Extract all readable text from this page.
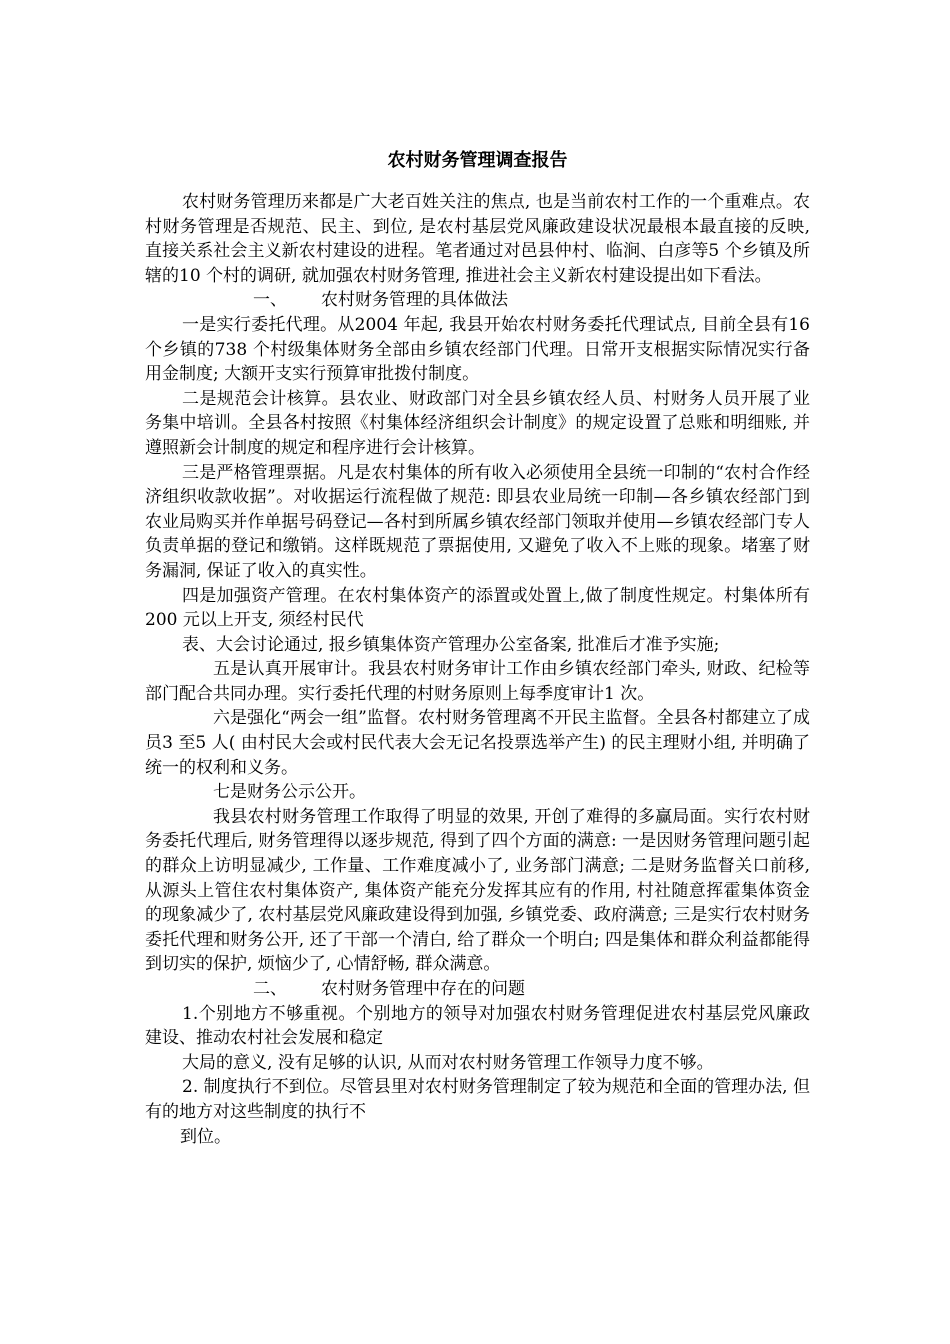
农村财务管理调查报告

农村财务管理历来都是广大老百姓关注的焦点, 也是当前农村工作的一个重难点。农村财务管理是否规范、民主、到位, 是农村基层党风廉政建设状况最根本最直接的反映, 直接关系社会主义新农村建设的进程。笔者通过对邑县仲村、临涧、白彦等5 个乡镇及所辖的10 个村的调研, 就加强农村财务管理, 推进社会主义新农村建设提出如下看法。

一、 农村财务管理的具体做法

一是实行委托代理。从2004 年起, 我县开始农村财务委托代理试点, 目前全县有16 个乡镇的738 个村级集体财务全部由乡镇农经部门代理。日常开支根据实际情况实行备用金制度; 大额开支实行预算审批拨付制度。

二是规范会计核算。县农业、财政部门对全县乡镇农经人员、村财务人员开展了业务集中培训。全县各村按照《村集体经济组织会计制度》的规定设置了总账和明细账, 并遵照新会计制度的规定和程序进行会计核算。

三是严格管理票据。凡是农村集体的所有收入必须使用全县统一印制的“农村合作经济组织收款收据”。对收据运行流程做了规范: 即县农业局统一印制—各乡镇农经部门到农业局购买并作单据号码登记—各村到所属乡镇农经部门领取并使用—乡镇农经部门专人负责单据的登记和缴销。这样既规范了票据使用, 又避免了收入不上账的现象。堵塞了财务漏洞, 保证了收入的真实性。

四是加强资产管理。在农村集体资产的添置或处置上,做了制度性规定。村集体所有200 元以上开支, 须经村民代

表、大会讨论通过, 报乡镇集体资产管理办公室备案, 批准后才准予实施;

五是认真开展审计。我县农村财务审计工作由乡镇农经部门牵头, 财政、纪检等部门配合共同办理。实行委托代理的村财务原则上每季度审计1 次。

六是强化“两会一组”监督。农村财务管理离不开民主监督。全县各村都建立了成员3 至5 人( 由村民大会或村民代表大会无记名投票选举产生) 的民主理财小组, 并明确了统一的权利和义务。

七是财务公示公开。

我县农村财务管理工作取得了明显的效果, 开创了难得的多赢局面。实行农村财务委托代理后, 财务管理得以逐步规范, 得到了四个方面的满意: 一是因财务管理问题引起的群众上访明显减少, 工作量、工作难度减小了, 业务部门满意; 二是财务监督关口前移, 从源头上管住农村集体资产, 集体资产能充分发挥其应有的作用, 村社随意挥霍集体资金的现象减少了, 农村基层党风廉政建设得到加强, 乡镇党委、政府满意; 三是实行农村财务委托代理和财务公开, 还了干部一个清白, 给了群众一个明白; 四是集体和群众利益都能得到切实的保护, 烦恼少了, 心情舒畅, 群众满意。

二、 农村财务管理中存在的问题

1.个别地方不够重视。个别地方的领导对加强农村财务管理促进农村基层党风廉政建设、推动农村社会发展和稳定

大局的意义, 没有足够的认识, 从而对农村财务管理工作领导力度不够。

2. 制度执行不到位。尽管县里对农村财务管理制定了较为规范和全面的管理办法, 但有的地方对这些制度的执行不

到位。
